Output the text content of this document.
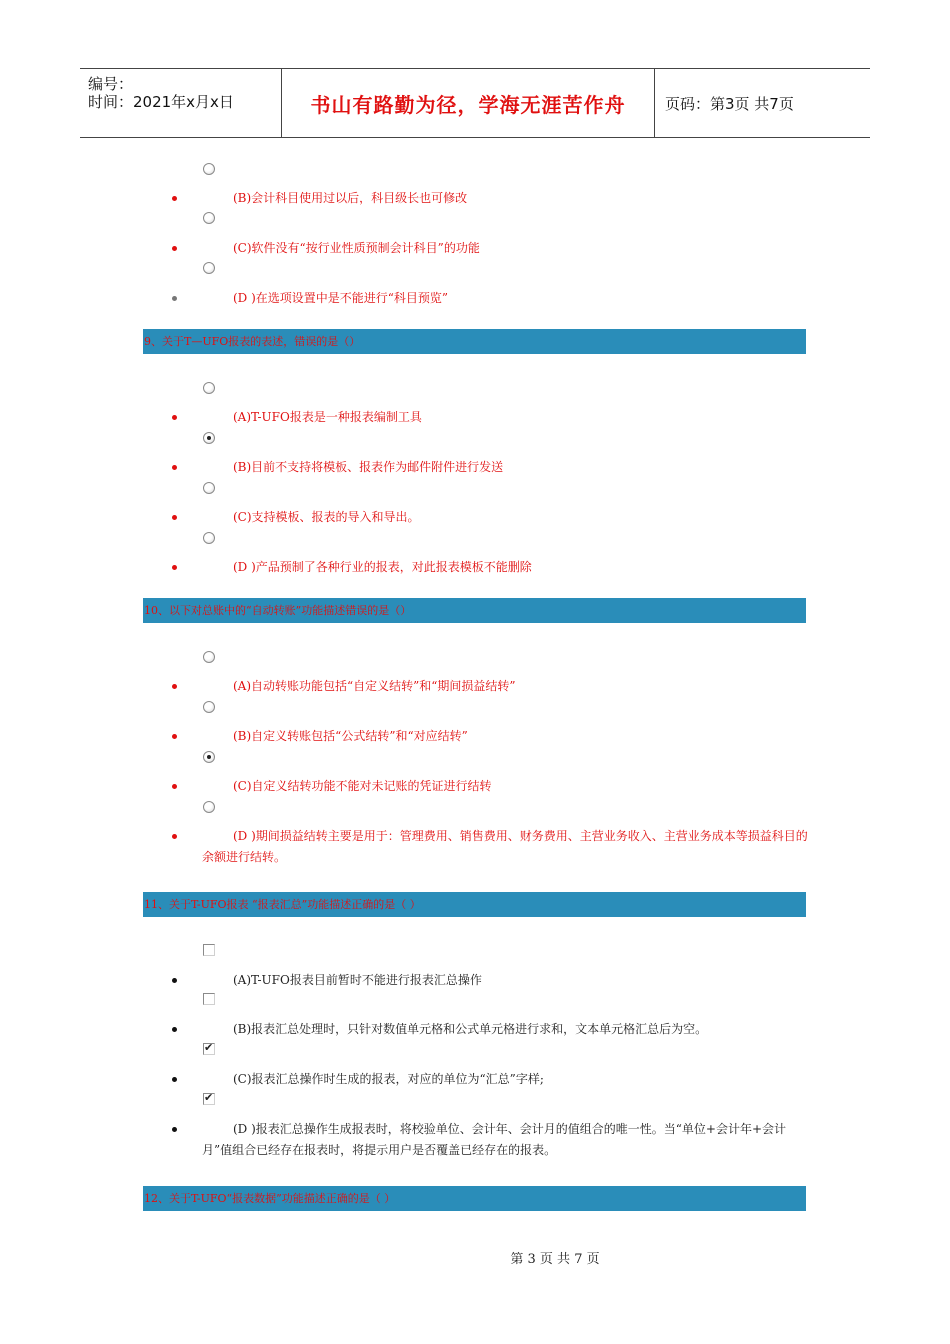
编号：
时间：2021年x月x日	书山有路勤为径，学海无涯苦作舟	页码：第3页 共7页
(B)会计科目使用过以后，科目级长也可修改
(C)软件没有“按行业性质预制会计科目”的功能
(D )在选项设置中是不能进行“科目预览”
9、关于T—UFO报表的表述，错误的是（）
(A)T-UFO报表是一种报表编制工具
(B)目前不支持将模板、报表作为邮件附件进行发送
(C)支持模板、报表的导入和导出。
(D )产品预制了各种行业的报表，对此报表模板不能删除
10、以下对总账中的“自动转账”功能描述错误的是（）
(A)自动转账功能包括“自定义结转”和“期间损益结转”
(B)自定义转账包括“公式结转”和“对应结转”
(C)自定义结转功能不能对未记账的凭证进行结转
(D )期间损益结转主要是用于：管理费用、销售费用、财务费用、主营业务收入、主营业务成本等损益科目的余额进行结转。
11、关于T-UFO报表 “报表汇总”功能描述正确的是（ ）
(A)T-UFO报表目前暂时不能进行报表汇总操作
(B)报表汇总处理时，只针对数值单元格和公式单元格进行求和，文本单元格汇总后为空。
✔
(C)报表汇总操作时生成的报表，对应的单位为“汇总”字样;
✔
(D )报表汇总操作生成报表时，将校验单位、会计年、会计月的值组合的唯一性。当“单位+会计年+会计月”值组合已经存在报表时，将提示用户是否覆盖已经存在的报表。
12、关于T-UFO“报表数据”功能描述正确的是（ ）
第 3 页 共 7 页
